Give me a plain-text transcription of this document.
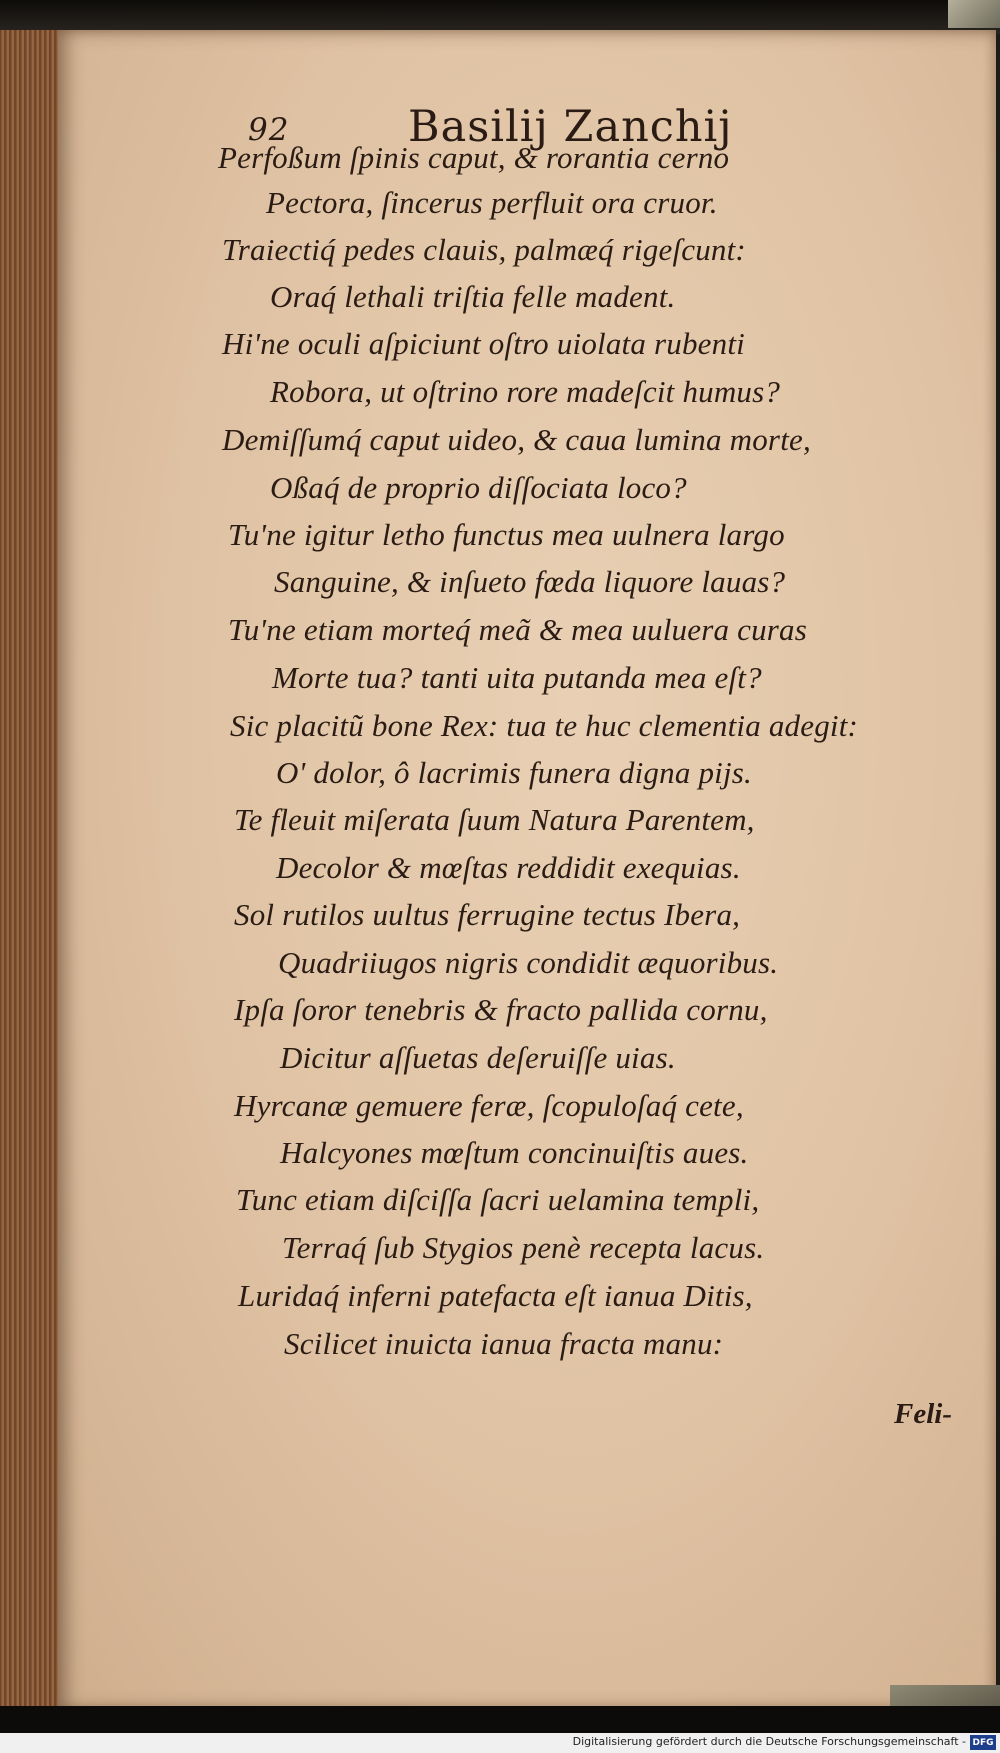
92	Basilij Zanchij
Perfoßum ſpinis caput, & rorantia cerno
Pectora, ſincerus perfluit ora cruor.
Traiectiq́ pedes clauis, palmæq́ rigeſcunt:
Oraq́ lethali triſtia felle madent.
Hi'ne oculi aſpiciunt oſtro uiolata rubenti
Robora, ut oſtrino rore madeſcit humus?
Demiſſumq́ caput uideo, & caua lumina morte,
Oßaq́ de proprio diſſociata loco?
Tu'ne igitur letho functus mea uulnera largo
Sanguine, & inſueto fœda liquore lauas?
Tu'ne etiam morteq́ meã & mea uuluera curas
Morte tua? tanti uita putanda mea eſt?
Sic placitũ bone Rex: tua te huc clementia adegit:
O' dolor, ô lacrimis funera digna pijs.
Te fleuit miſerata ſuum Natura Parentem,
Decolor & mœſtas reddidit exequias.
Sol rutilos uultus ferrugine tectus Ibera,
Quadriiugos nigris condidit æquoribus.
Ipſa ſoror tenebris & fracto pallida cornu,
Dicitur aſſuetas deſeruiſſe uias.
Hyrcanæ gemuere feræ, ſcopuloſaq́ cete,
Halcyones mœſtum concinuiſtis aues.
Tunc etiam diſciſſa ſacri uelamina templi,
Terraq́ ſub Stygios penè recepta lacus.
Luridaq́ inferni patefacta eſt ianua Ditis,
Scilicet inuicta ianua fracta manu:
Feli-
Digitalisierung gefördert durch die Deutsche Forschungsgemeinschaft - DFG
